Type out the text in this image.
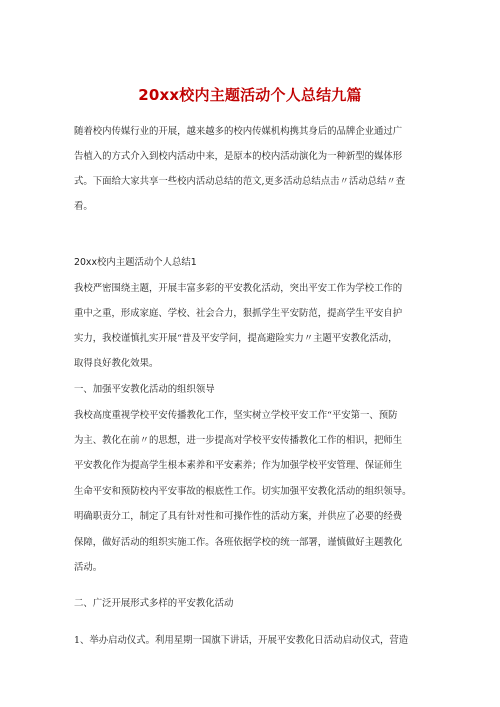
20xx校内主题活动个人总结九篇
随着校内传媒行业的开展，越来越多的校内传媒机构携其身后的品牌企业通过广
告植入的方式介入到校内活动中来，是原本的校内活动演化为一种新型的媒体形
式。下面给大家共享一些校内活动总结的范文,更多活动总结点击〃活动总结〃查
看。
20xx校内主题活动个人总结1
我校严密围绕主题，开展丰富多彩的平安教化活动，突出平安工作为学校工作的
重中之重，形成家庭、学校、社会合力，狠抓学生平安防范，提高学生平安自护
实力，我校谨慎扎实开展“普及平安学问，提高避险实力〃主题平安教化活动，
取得良好教化效果。
一、加强平安教化活动的组织领导
我校高度重视学校平安传播教化工作，坚实树立学校平安工作“平安第一、预防
为主、教化在前〃的思想，进一步提高对学校平安传播教化工作的相识，把师生
平安教化作为提高学生根本素养和平安素养；作为加强学校平安管理、保证师生
生命平安和预防校内平安事故的根底性工作。切实加强平安教化活动的组织领导。
明确职责分工，制定了具有针对性和可操作性的活动方案，并供应了必要的经费
保障，做好活动的组织实施工作。各班依据学校的统一部署，谨慎做好主题教化
活动。
二、广泛开展形式多样的平安教化活动
1、举办启动仪式。利用星期一国旗下讲话，开展平安教化日活动启动仪式，营造
